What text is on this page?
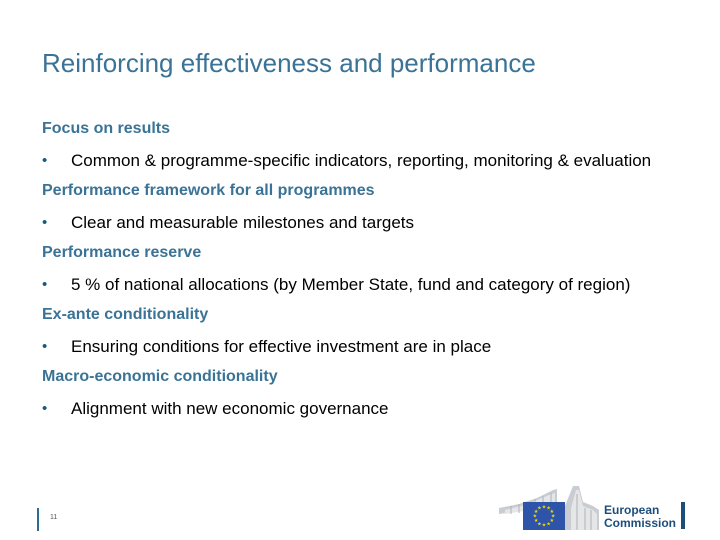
Reinforcing effectiveness and performance
Focus on results
•	Common & programme-specific indicators, reporting, monitoring & evaluation
Performance framework for all programmes
•	Clear and measurable milestones and targets
Performance reserve
•	5 % of national allocations (by Member State, fund and category of region)
Ex-ante conditionality
•	Ensuring conditions for effective investment are in place
Macro-economic conditionality
•	Alignment with new economic governance
11
★ ★
★
★
★
★
★
★
★
★
★
★	European
Commission
